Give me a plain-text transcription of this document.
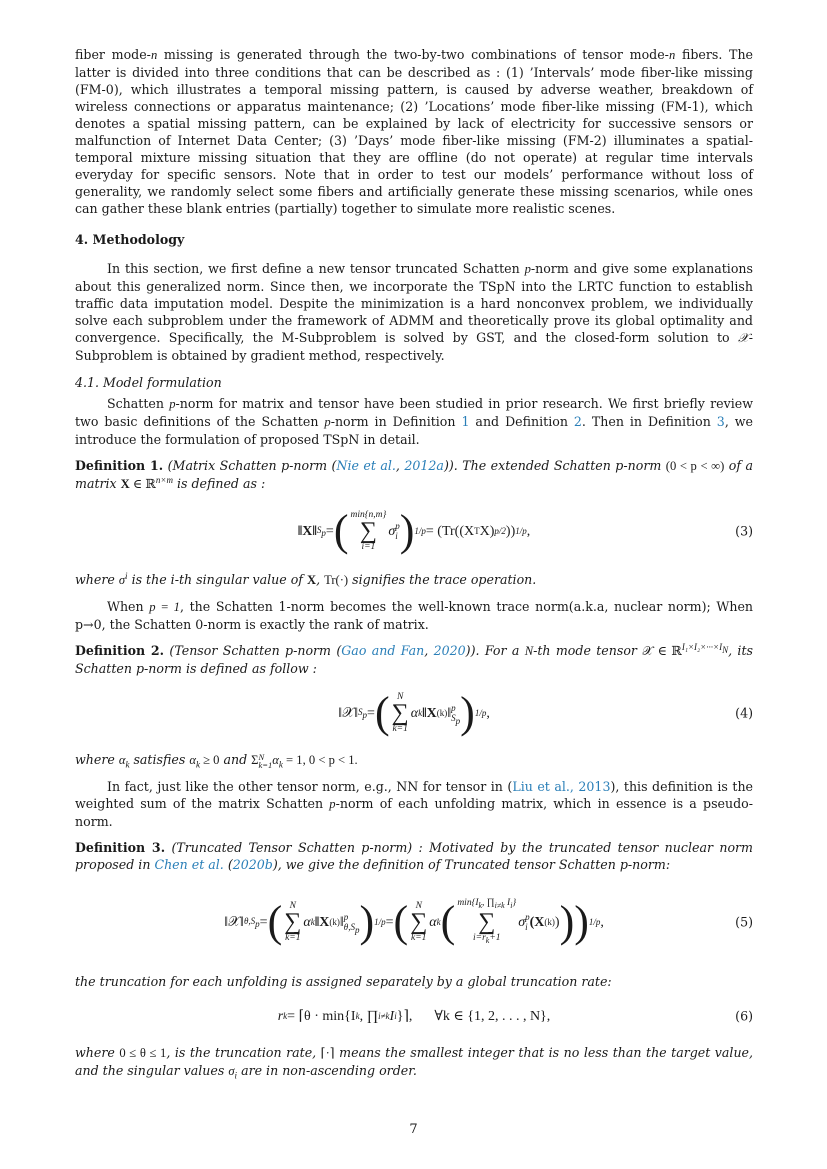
fiber mode-n missing is generated through the two-by-two combinations of tensor mode-n fibers. The latter is divided into three conditions that can be described as : (1) ’Intervals’ mode fiber-like missing (FM-0), which illustrates a temporal missing pattern, is caused by adverse weather, breakdown of wireless connections or apparatus maintenance; (2) ’Locations’ mode fiber-like missing (FM-1), which denotes a spatial missing pattern, can be explained by lack of electricity for successive sensors or malfunction of Internet Data Center; (3) ’Days’ mode fiber-like missing (FM-2) illuminates a spatial-temporal mixture missing situation that they are offline (do not operate) at regular time intervals everyday for specific sensors. Note that in order to test our models’ performance without loss of generality, we randomly select some fibers and artificially generate these missing scenarios, while ones can gather these blank entries (partially) together to simulate more realistic scenes.

4. Methodology

In this section, we first define a new tensor truncated Schatten p-norm and give some explanations about this generalized norm. Since then, we incorporate the TSpN into the LRTC function to establish traffic data imputation model. Despite the minimization is a hard nonconvex problem, we individually solve each subproblem under the framework of ADMM and theoretically prove its global optimality and convergence. Specifically, the M-Subproblem is solved by GST, and the closed-form solution to 𝒳-Subproblem is obtained by gradient method, respectively.

4.1. Model formulation

Schatten p-norm for matrix and tensor have been studied in prior research. We first briefly review two basic definitions of the Schatten p-norm in Definition 1 and Definition 2. Then in Definition 3, we introduce the formulation of proposed TSpN in detail.

Definition 1. (Matrix Schatten p-norm (Nie et al., 2012a)). The extended Schatten p-norm (0 < p < ∞) of a matrix X ∈ ℝ$^{n\times m}$ is defined as :

‖X‖ $S_p$ = ( min{n,m}
∑
i=1
σ p
i ) 1/p = (Tr((X T X) p/2 )) 1/p ,	(3)

where $\sigma^i$ is the i-th singular value of X, Tr(·) signifies the trace operation.

When p = 1, the Schatten 1-norm becomes the well-known trace norm(a.k.a, nuclear norm); When p→0, the Schatten 0-norm is exactly the rank of matrix.

Definition 2. (Tensor Schatten p-norm (Gao and Fan, 2020)). For a N-th mode tensor 𝒳 ∈ ℝ$^{I_1\times I_2\times\cdot\cdot\cdot\times I_N}$, its Schatten p-norm is defined as follow :

‖𝒳‖ $S_p$ = ( N
∑
k=1
α k ‖X (k) ‖ p
$S_p$ ) 1/p ,	(4)

where $\alpha_k$ satisfies $\alpha_k \ge 0$ and Σ N
k=1 $\alpha_k = 1$, 0 < p < 1.

In fact, just like the other tensor norm, e.g., NN for tensor in (Liu et al., 2013), this definition is the weighted sum of the matrix Schatten p-norm of each unfolding matrix, which in essence is a pseudo-norm.

Definition 3. (Truncated Tensor Schatten p-norm) : Motivated by the truncated tensor nuclear norm proposed in Chen et al. (2020b), we give the definition of Truncated tensor Schatten p-norm:

‖𝒳‖ $\theta,S_p$ = ( N
∑
k=1
α k ‖X (k) ‖ p
$\theta,S_p$ ) 1/p = ( N
∑
k=1
α k ( $\min\{I_k$, $\prod_{i\ne k}$ $I_i$}
∑
$i=r_k+1$
σ p
i (X (k) ) ) ) 1/p ,	(5)

the truncation for each unfolding is assigned separately by a global truncation rate:

r k = ⌈θ · min{I k , ∏ i≠k I i }⌉, ∀k ∈ {1, 2, . . . , N},	(6)

where 0 ≤ θ ≤ 1, is the truncation rate, ⌈·⌉ means the smallest integer that is no less than the target value, and the singular values $\sigma_i$ are in non-ascending order.

7
